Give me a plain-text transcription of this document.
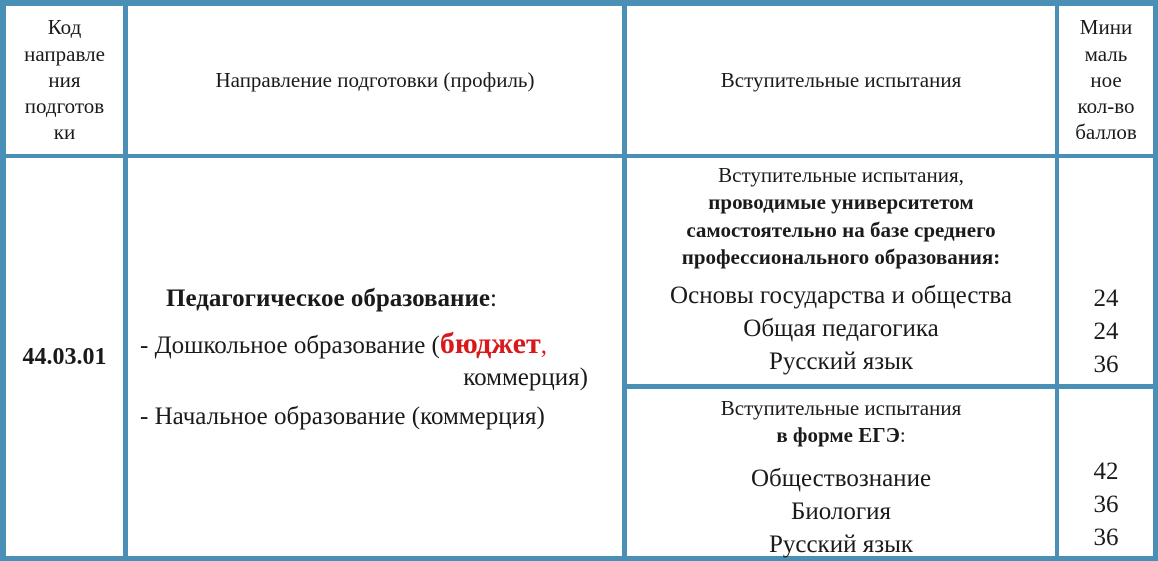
Код
направле
ния
подготов
ки
Направление подготовки (профиль)	Вступительные испытания
Мини
маль
ное
кол-во
баллов
44.03.01
Педагогическое образование:
- Дошкольное образование (бюджет,
коммерция)
- Начальное образование (коммерция)
Вступительные испытания,
проводимые университетом
самостоятельно на базе среднего
профессионального образования:
Основы государства и общества
Общая педагогика
Русский язык
24
24
36
Вступительные испытания
в форме ЕГЭ:
Обществознание
Биология
Русский язык
42
36
36
